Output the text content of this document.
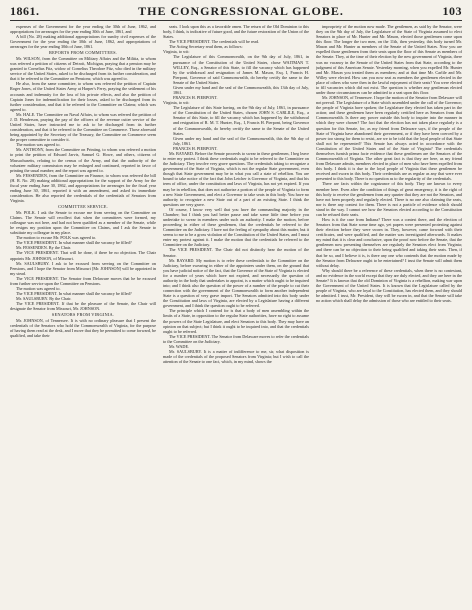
1861.	THE CONGRESSIONAL GLOBE.	103

expenses of the Government for the year ending the 30th of June, 1862, and appropriations for arrearages for the year ending 30th of June, 1861, and

A bill (No. 28) making additional appropriations for sundry civil expenses of the Government for the year ending the 30th of June, 1862, and appropriations of arrearages for the year ending 30th of June, 1861.

REPORTS FROM COMMITTEES.

Mr. WILSON, from the Committee on Military Affairs and the Militia, to whom was referred a petition of citizens of Detroit, Michigan, praying that a pension may be granted to Cornelius Fitz, widow of Cornelius Theodore Fitz, who died in the military service of the United States, asked to be discharged from its further consideration, and that it be referred to the Committee on Pensions; which was agreed to.

He also, from the same committee, to whom was referred the petition of Captain Roger Jones, of the United States Army at Harper's Ferry, praying the settlement of his accounts and indemnity for the loss of his private effects, and also the petition of Captain Jones for indemnification for their losses, asked to be discharged from its further consideration, and that it be referred to the Committee on Claims; which was agreed to.

Mr. HALE. The Committee on Naval Affairs, to whom was referred the petition of J. D. Henderson, praying the pay of the officers of the revenue cutter service of the United States, have instructed me to ask to be discharged from its further consideration, and that it be referred to the Committee on Commerce. Those aforesaid being appointed by the Secretary of the Treasury, the Committee on Commerce seem the proper committee to consider it.

The motion was agreed to.

Mr. ANTHONY, from the Committee on Printing, to whom was referred a motion to print the petition of Edward Jarvis, Samuel G. Howe, and others, citizens of Massachusetts, relating to the census of the Army, and that the authority of the volunteer military commission may be enlarged and continued, reported in favor of printing the usual number; and the report was agreed to.

Mr. FESSENDEN, from the Committee on Finance, to whom was referred the bill (H. R. No. 28) making additional appropriations for the support of the Army for the fiscal year ending June 30, 1862, and appropriations for arrearages for the fiscal year ending June 30, 1861, reported it with an amendment, and asked its immediate consideration. He also reported the credentials of the credentials of Senators from Virginia.

COMMITTEE SERVICE.

Mr. POLK. I ask the Senate to excuse me from serving on the Committee on Claims. The Senate will recollect that when the committees were formed, my colleague was not here, and had not been qualified as a member of the Senate, while he resigns my position upon the Committee on Claims, and I ask the Senate to substitute my colleague in my place.

The motion to excuse Mr. POLK was agreed to.

The VICE PRESIDENT. In what manner shall the vacancy be filled?

Mr. FESSENDEN. By the Chair.

The VICE PRESIDENT. That will be done, if there be no objection. The Chair appoints Mr. JOHNSON, of Missouri.

Mr. SAULSBURY. I ask to be excused from serving on the Committee on Pensions, and I hope the Senator from Missouri [Mr. JOHNSON] will be appointed in my stead.

The VICE PRESIDENT. The Senator from Delaware moves that he be excused from further service upon the Committee on Pensions.

The motion was agreed to.

The VICE PRESIDENT. In what manner shall the vacancy be filled?

Mr. SAULSBURY. By the Chair.

The VICE PRESIDENT. If that be the pleasure of the Senate, the Chair will designate the Senator from Missouri, Mr. JOHNSON.

SENATORS FROM VIRGINIA.

Mr. JOHNSON, of Tennessee. It is with no ordinary pleasure that I present the credentials of the Senators who hold the Commonwealth of Virginia, for the purpose of having them read at the desk, and I move that they be permitted to come forward, be qualified, and take their

seats. I look upon this as a favorable omen. The return of the Old Dominion to this body, I think, is indicative of future good, and the future restoration of the Union of the States.

The VICE PRESIDENT. The credentials will be read.

The Acting Secretary read them, as follows:

Virginia, to wit:

The Legislature of this Commonwealth, on the 9th day of July, 1861, in pursuance of the Constitution of the United States, chose WAITMAN T. WILLEY, Esq., a Senator of this State, to fill the vacancy which has happened by the withdrawal and resignation of James M. Mason, Esq. I, Francis H. Pierpont, Governor of said Commonwealth, do hereby certify the same to the Senate of the United States.

Given under my hand and the seal of the Commonwealth, this 13th day of July, 1861.

FRANCIS H. PIERPONT.

Virginia, to wit:

The Legislature of this State having, on the 9th day of July, 1861, in pursuance of the Constitution of the United States, chosen JOHN S. CARLILE, Esq., a Senator of this State, to fill the vacancy which has happened by the withdrawal and resignation of R. M. T. Hunter, Esq., I, Francis H. Pierpont, being Governor of the Commonwealth, do hereby certify the same to the Senate of the United States.

Given under my hand and the seal of the Commonwealth, this the 9th day of July, 1861.

FRANCIS H. PIERPONT.

Mr. BAYARD. Before the Senate proceeds to swear in these gentlemen, I beg leave to enter my protest. I think these credentials ought to be referred to the Committee on the Judiciary. They involve very grave questions. The credentials taking to recognize a government of the State of Virginia, which is not the regular State government, even though that State government may be in what you call a state of rebellion. You are bound to take notice of the fact that John Letcher is Governor of Virginia, and that his term of office, under the constitution and laws of Virginia, has not yet expired. If you may be in rebellion, that does not authorize a portion of the people of Virginia to form a new State Government, and elect a Governor to take seats in this body. You have no authority to recognize a new State out of a part of an existing State. I think the questions are very grave.

Of course, I know very well that you have the commanding majority in the Chamber; but I think you had better pause and take some little time before you undertake to swear in members under such an authority. I make the motion, before proceeding in either of these gentlemen, that the credentials be referred to the Committee on the Judiciary. I have not the feeling of sympathy about this matter, but it seems to me to be a gross violation of the Constitution of the United States, and I must enter my protest against it. I make the motion that the credentials be referred to the Committee on the Judiciary.

The VICE PRESIDENT. The Chair did not distinctly hear the motion of the Senator.

Mr. BAYARD. My motion is to refer these credentials to the Committee on the Judiciary, before swearing in either of the appointees under them, on the ground that you have judicial notice of the fact, that the Governor of the State of Virginia is elected for a number of years which have not expired, and necessarily the question of authority in the body that undertakes to appoint, is a matter which ought to be inquired into; and I think also the question of the power of a number of the people to cut their connection with the government of the Commonwealth to form another independent State is a question of very grave import. The Senators admitted into this body under the Constitution and laws of Virginia, are elected by a Legislature having a different government, and I think the question ought to be referred.

The principle which I contend for is that a body of men assembling within the limits of a State, in opposition to the regular State authorities, have no right to assume the powers of the State Legislature, and elect Senators to this body. They may have an opinion on that subject; but I think it ought to be inquired into, and that the credentials ought to be referred.

The VICE PRESIDENT. The Senator from Delaware moves to refer the credentials to the Committee on the Judiciary.

Mr. WADE.

Mr. SAULSBURY. It is a matter of indifference to me, sir, what disposition is made of the credentials of the proposed Senators from Virginia; but I wish to call the attention of the Senate to one fact, which, in my mind, shows the

impropriety of the motion now made. The gentlemen, as said by the Senator, were they on the 9th day of July, the Legislature of the State of Virginia assumed to elect Senators in place of Mr. Hunter and Mr. Mason, elected those gentlemen come upon this floor. The longer the two men, on the 11th, then yesterday, this body turned Mr. Mason and Mr. Hunter as members of the Senate of the United States. Now you are expelled those gentlemen from their seats upon the floor of this Senate as members of the Senate. They, at the time of their election by the new government of Virginia, there was no vacancy in the Senate of the United States from that State, according to the judgment of this American Senate. Yesterday morning, when you expelled Mr. Hunter and Mr. Mason you treated them as members; and at that time Mr. Carlile and Mr. Willey were elected. How can you now seat as members the gentlemen elected in the place of others who were then in the lawful enjoyment of their seats? You were elected to fill vacancies which did not exist. The question is whether any gentleman elected under those circumstances can be admitted to a seat upon this floor.

Mr. JOHNSON, of Tennessee. I hope the motion of the Senator from Delaware will not prevail. The Legislature of a State which assembled under the call of the Governor; the people of Virginia have spoken; the Legislature they elected has taken part in the action; and these gentlemen have been regularly certified here as Senators from that Commonwealth. Is there any power outside this body to inquire into the manner in which they were chosen? The fact that the election has not taken place regularly is a question for this Senate, for, as my friend from Delaware says, if the people of the State of Virginia have abandoned their government, or if they have been coerced by a power too strong for them to resist, are we to be told that the loyal people of that State shall not be represented? This Senate has always acted in accordance with the Constitution of the United States and of the State of Virginia? The credentials themselves furnish prima facie evidence that these gentlemen are the Senators of the Commonwealth of Virginia. The other great fact is that they are here, as my friend from Delaware admits, members elected in place of men who have been expelled from this body. I think it is due to the loyal people of Virginia that these gentlemen be received and sworn in this body. Their credentials are as regular as any that were ever presented to this body. There is no question as to the regularity of the credentials.

There are facts within the cognizance of this body. They are known to every member here. Even after the condition of things of great emergency, it is the right of this body to receive the gentlemen from any quarter that they are not the Senators, and have not been properly and regularly elected. There is no one also claiming the seats, nor is there any contest for them. There is not a particle of evidence which should stand in the way. I cannot see how the Senators elected according to the Constitution can be refused their seats.

How is it the case from Indiana? There was a contest there, and the election of Senators from that State some time ago, yet papers were presented protesting against their election before they were sworn in. They, however, came forward with their certificates, and were qualified, and the matter was investigated afterwards. It makes my mind that it is clear and conclusive, upon the proof now before the Senate, that the gentlemen now presenting themselves are regularly the Senators elect from Virginia; and there can be no objection to their being qualified and taking their seats. Then, if that be so, and I believe it is, is there any one who contends that the motion made by the Senator from Delaware ought to be entertained? I trust the Senate will admit them without delay.

Why should there be a reference of these credentials, when there is no contestant, and no evidence in the world except that they are duly elected, and they are here in the Senate? It is known that the old Dominion of Virginia is a rebellion, making war upon the Government of the United States. It is known that the Legislature called by the people of Virginia, who are loyal to the Constitution, has elected them, and they should be admitted. I trust, Mr. President, they will be sworn in, and that the Senate will take no action which shall delay the admission of those who are entitled to their seats.
